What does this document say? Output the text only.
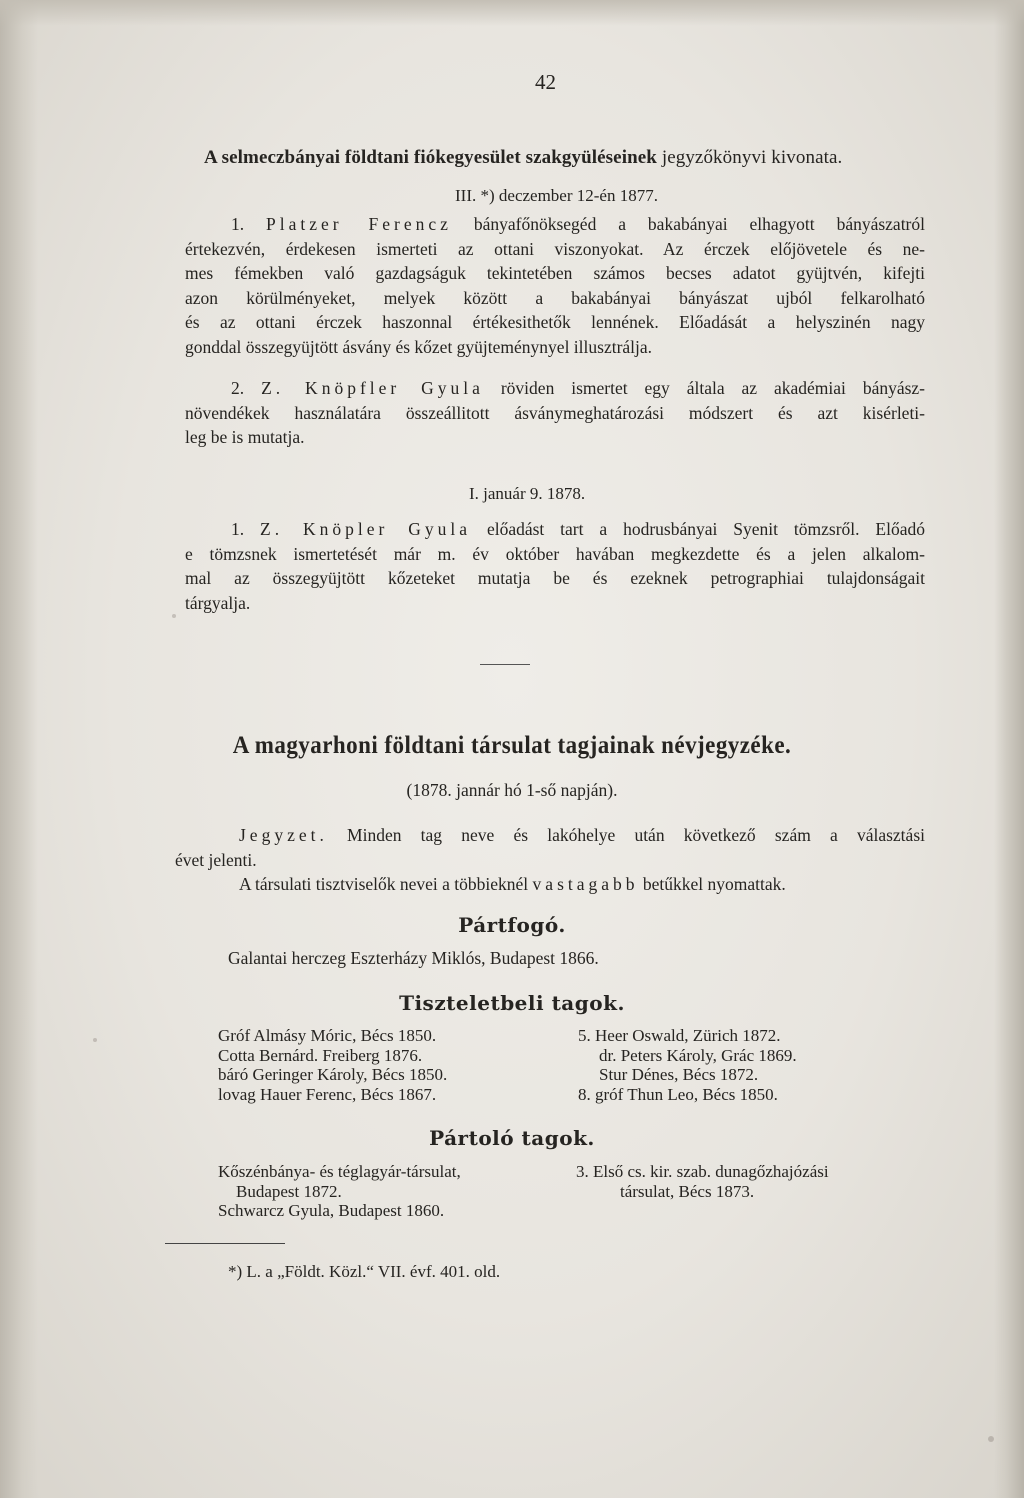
42
A selmeczbányai földtani fiókegyesület szakgyüléseinek jegyzőkönyvi kivonata.
III. *) deczember 12-én 1877.
1. Platzer Ferencz bányafőnöksegéd a bakabányai elhagyott bányászatról
értekezvén, érdekesen ismerteti az ottani viszonyokat. Az érczek előjövetele és ne-
mes fémekben való gazdagságuk tekintetében számos becses adatot gyüjtvén, kifejti
azon körülményeket, melyek között a bakabányai bányászat ujból felkarolható
és az ottani érczek haszonnal értékesithetők lennének. Előadását a helyszinén nagy
gonddal összegyüjtött ásvány és kőzet gyüjteménynyel illusztrálja.
2. Z. Knöpfler Gyula röviden ismertet egy általa az akadémiai bányász-
növendékek használatára összeállitott ásványmeghatározási módszert és azt kisérleti-
leg be is mutatja.
I. január 9. 1878.
1. Z. Knöpler Gyula előadást tart a hodrusbányai Syenit tömzsről. Előadó
e tömzsnek ismertetését már m. év október havában megkezdette és a jelen alkalom-
mal az összegyüjtött kőzeteket mutatja be és ezeknek petrographiai tulajdonságait
tárgyalja.
A magyarhoni földtani társulat tagjainak névjegyzéke.
(1878. jannár hó 1-ső napján).
Jegyzet. Minden tag neve és lakóhelye után következő szám a választási
évet jelenti.
A társulati tisztviselők nevei a többieknél vastagabb betűkkel nyomattak.
Pártfogó.
Galantai herczeg Eszterházy Miklós, Budapest 1866.
Tiszteletbeli tagok.
Gróf Almásy Móric, Bécs 1850.
Cotta Bernárd. Freiberg 1876.
báró Geringer Károly, Bécs 1850.
lovag Hauer Ferenc, Bécs 1867.
5. Heer Oswald, Zürich 1872.
dr. Peters Károly, Grác 1869.
Stur Dénes, Bécs 1872.
8. gróf Thun Leo, Bécs 1850.
Pártoló tagok.
Kőszénbánya- és téglagyár-társulat,
Budapest 1872.
Schwarcz Gyula, Budapest 1860.
3. Első cs. kir. szab. dunagőzhajózási
társulat, Bécs 1873.
*) L. a „Földt. Közl.“ VII. évf. 401. old.
